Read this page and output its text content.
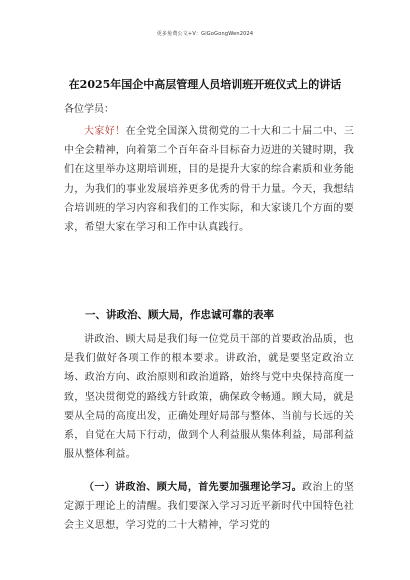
更多免费公文+V：GiGoGongWen2024
在2025年国企中高层管理人员培训班开班仪式上的讲话
各位学员：
大家好！在全党全国深入贯彻党的二十大和二十届二中、三中全会精神，向着第二个百年奋斗目标奋力迈进的关键时期，我们在这里举办这期培训班，目的是提升大家的综合素质和业务能力，为我们的事业发展培养更多优秀的骨干力量。今天，我想结合培训班的学习内容和我们的工作实际，和大家谈几个方面的要求，希望大家在学习和工作中认真践行。
一、讲政治、顾大局，作忠诚可靠的表率
讲政治、顾大局是我们每一位党员干部的首要政治品质，也是我们做好各项工作的根本要求。讲政治，就是要坚定政治立场、政治方向、政治原则和政治道路，始终与党中央保持高度一致，坚决贯彻党的路线方针政策，确保政令畅通。顾大局，就是要从全局的高度出发，正确处理好局部与整体、当前与长远的关系，自觉在大局下行动，做到个人利益服从集体利益，局部利益服从整体利益。
（一）讲政治、顾大局，首先要加强理论学习。政治上的坚定源于理论上的清醒。我们要深入学习习近平新时代中国特色社会主义思想，学习党的二十大精神，学习党的
